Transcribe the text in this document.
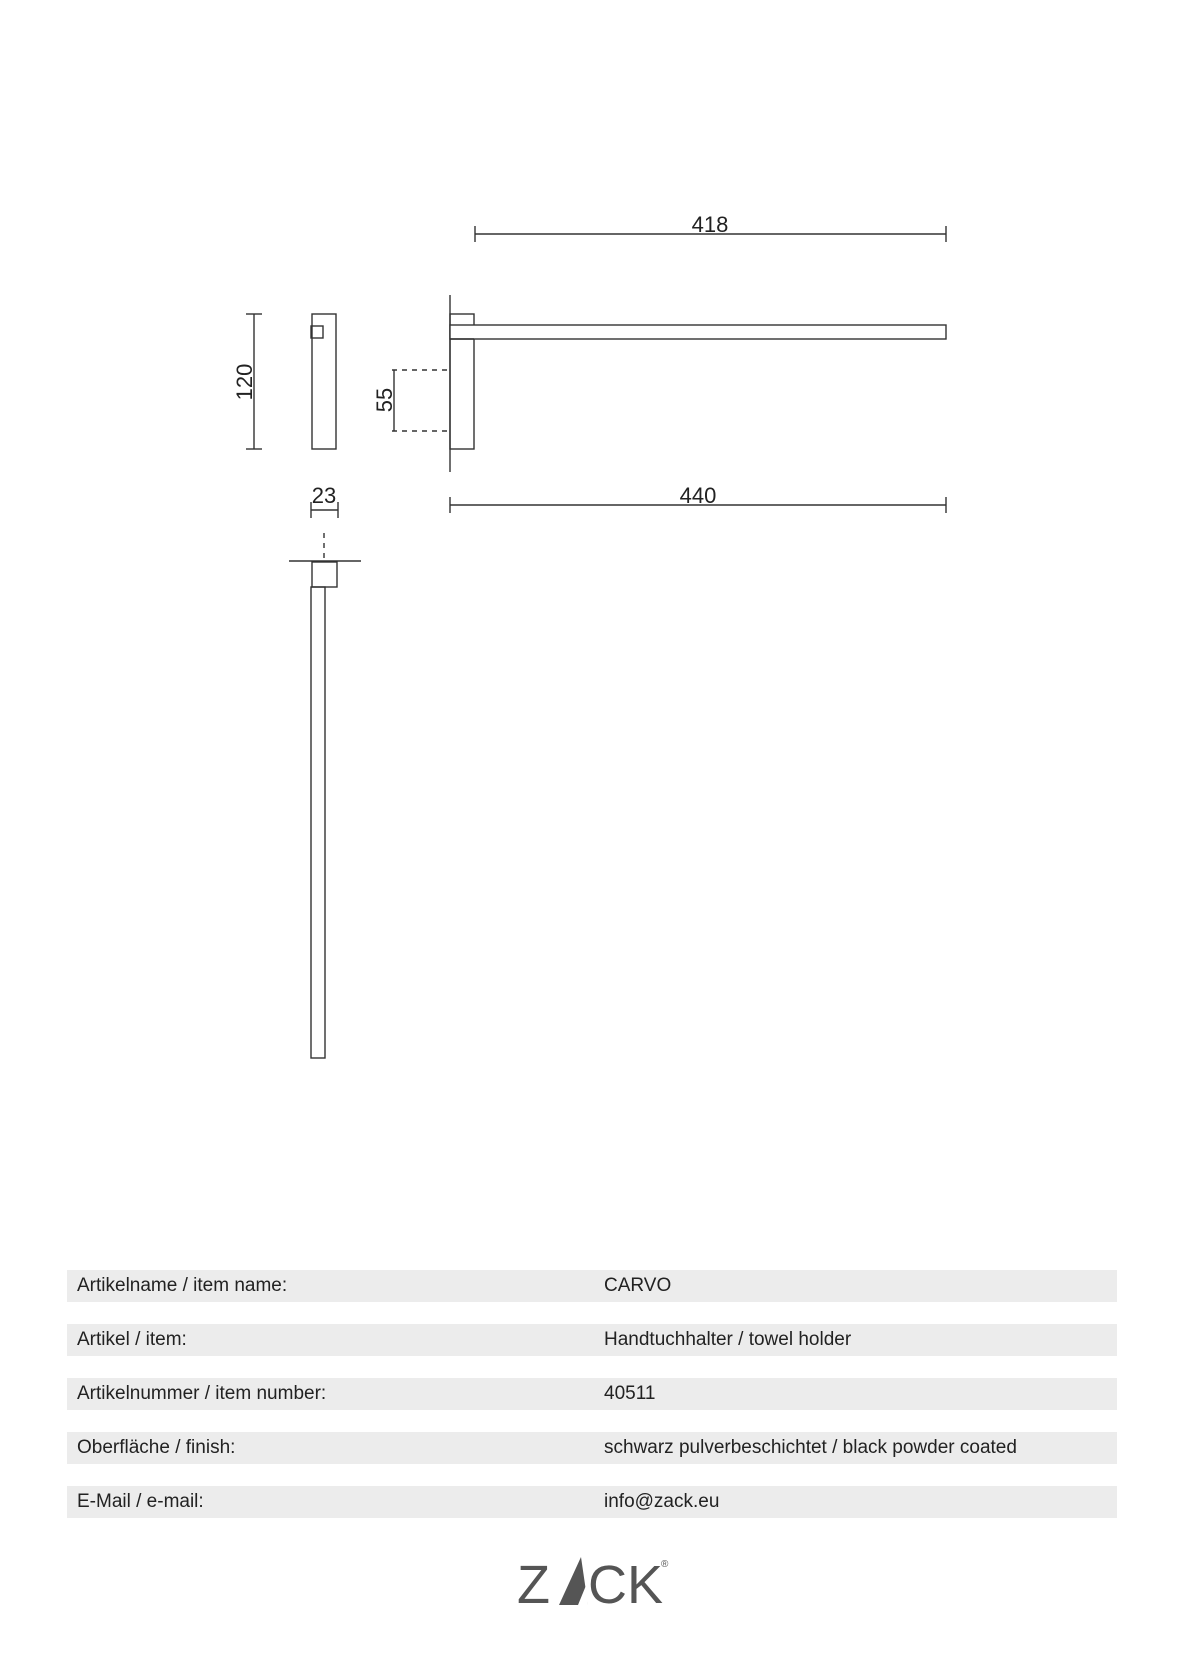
418
440
23
120	55
Artikelname / item name:	CARVO
Artikel / item:	Handtuchhalter / towel holder
Artikelnummer / item number:	40511
Oberfläche / finish:	schwarz pulverbeschichtet / black powder coated
E-Mail / e-mail:	info@zack.eu
Z CK
®
